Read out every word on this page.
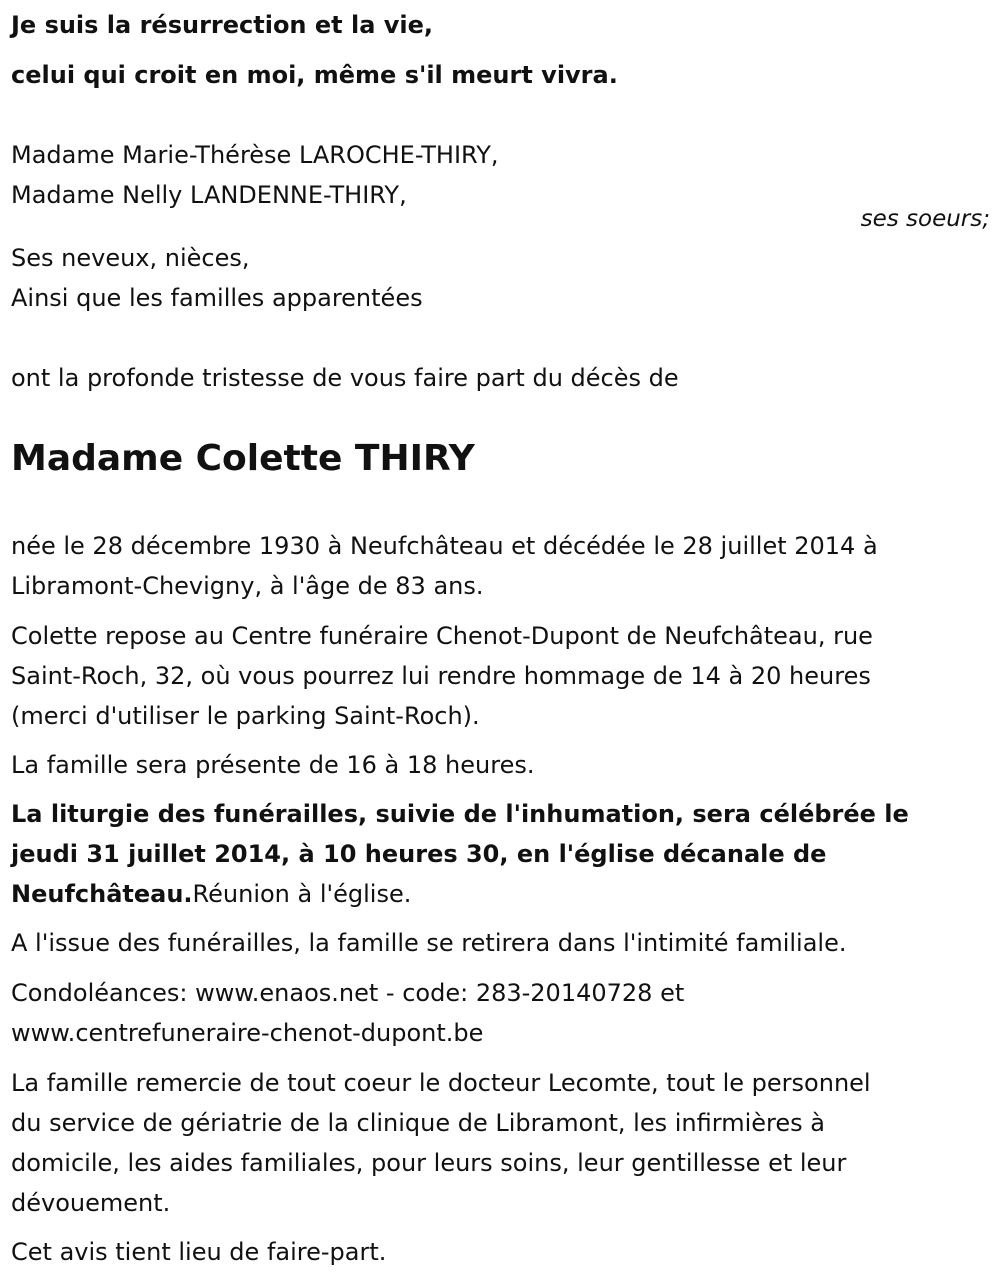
Je suis la résurrection et la vie,
celui qui croit en moi, même s'il meurt vivra.
Madame Marie-Thérèse LAROCHE-THIRY,
Madame Nelly LANDENNE-THIRY,
ses soeurs;
Ses neveux, nièces,
Ainsi que les familles apparentées
ont la profonde tristesse de vous faire part du décès de
Madame Colette THIRY
née le 28 décembre 1930 à Neufchâteau et décédée le 28 juillet 2014 à
Libramont-Chevigny, à l'âge de 83 ans.
Colette repose au Centre funéraire Chenot-Dupont de Neufchâteau, rue
Saint-Roch, 32, où vous pourrez lui rendre hommage de 14 à 20 heures
(merci d'utiliser le parking Saint-Roch).
La famille sera présente de 16 à 18 heures.
La liturgie des funérailles, suivie de l'inhumation, sera célébrée le
jeudi 31 juillet 2014, à 10 heures 30, en l'église décanale de
Neufchâteau.Réunion à l'église.
A l'issue des funérailles, la famille se retirera dans l'intimité familiale.
Condoléances: www.enaos.net - code: 283-20140728 et
www.centrefuneraire-chenot-dupont.be
La famille remercie de tout coeur le docteur Lecomte, tout le personnel
du service de gériatrie de la clinique de Libramont, les infirmières à
domicile, les aides familiales, pour leurs soins, leur gentillesse et leur
dévouement.
Cet avis tient lieu de faire-part.
